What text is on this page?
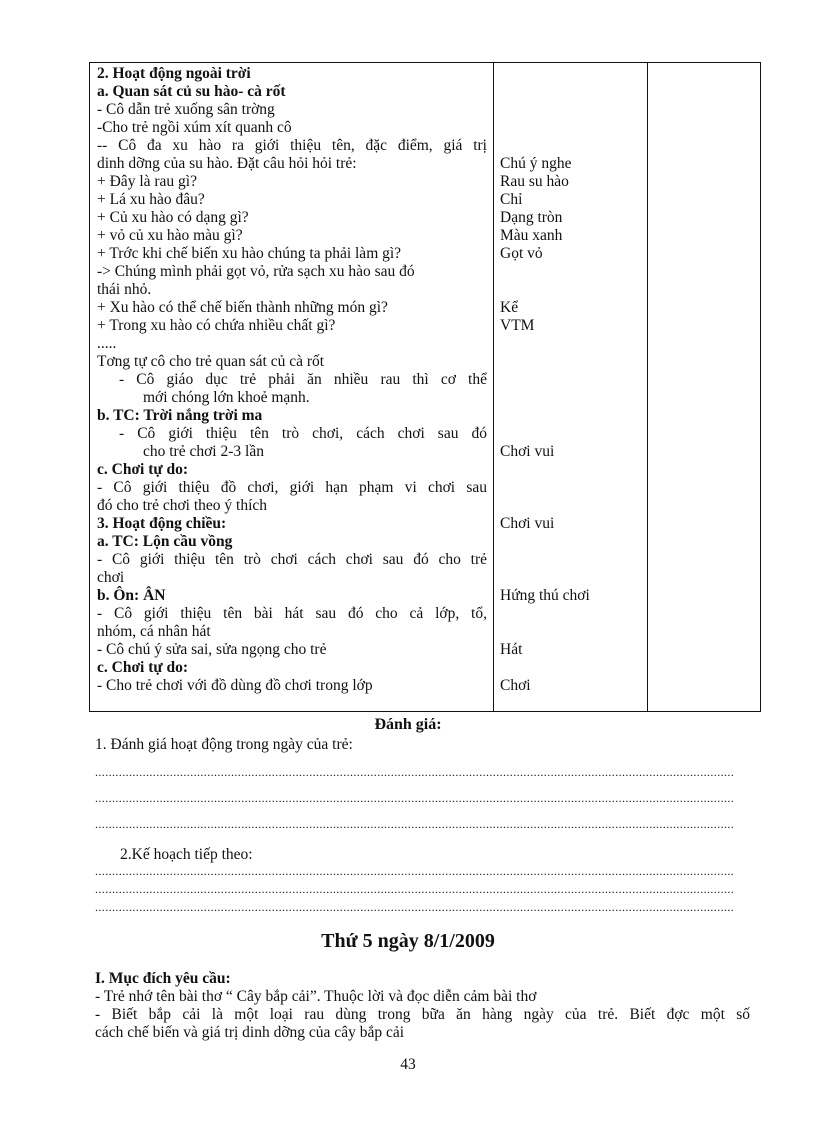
2. Hoạt động ngoài trời
a. Quan sát củ su hào- cà rốt
- Cô dẫn trẻ xuống sân trờng
-Cho trẻ ngồi xúm xít quanh cô
-- Cô đa xu hào ra giới thiệu tên, đặc điểm, giá trị
dinh dỡng của su hào. Đặt câu hỏi hỏi trẻ:
+ Đây là rau gì?
+ Lá xu hào đâu?
+ Củ xu hào có dạng gì?
+ vỏ củ xu hào màu gì?
+ Trớc khi chế biến xu hào chúng ta phải làm gì?
-> Chúng mình phải gọt vỏ, rửa sạch xu hào sau đó
thái nhỏ.
+ Xu hào có thể chế biến thành những món gì?
+ Trong xu hào có chứa nhiều chất gì?
.....
Tơng tự cô cho trẻ quan sát củ cà rốt
- Cô giáo dục trẻ phải ăn nhiều rau thì cơ thể
mới chóng lớn khoẻ mạnh.
b. TC: Trời nắng trời ma
- Cô giới thiệu tên trò chơi, cách chơi sau đó
cho trẻ chơi 2-3 lần
c. Chơi tự do:
- Cô giới thiệu đồ chơi, giới hạn phạm vi chơi sau
đó cho trẻ chơi theo ý thích
3. Hoạt động chiều:
a. TC: Lộn cầu vồng
- Cô giới thiệu tên trò chơi cách chơi sau đó cho trẻ
chơi
b. Ôn: ÂN
- Cô giới thiệu tên bài hát sau đó cho cả lớp, tổ,
nhóm, cá nhân hát
- Cô chú ý sửa sai, sửa ngọng cho trẻ
c. Chơi tự do:
- Cho trẻ chơi với đồ dùng đồ chơi trong lớp
Chú ý nghe
Rau su hào
Chỉ
Dạng tròn
Màu xanh
Gọt vỏ
Kể
VTM
Chơi vui
Chơi vui
Hứng thú chơi
Hát
Chơi
Đánh giá:
1. Đánh giá hoạt động trong ngày của trẻ:
............................................................................................................................................................................................
............................................................................................................................................................................................
............................................................................................................................................................................................
2.Kế hoạch tiếp theo:
............................................................................................................................................................................................
............................................................................................................................................................................................
............................................................................................................................................................................................
Thứ 5 ngày 8/1/2009
I. Mục đích yêu cầu:
- Trẻ nhớ tên bài thơ “ Cây bắp cải”. Thuộc lời và đọc diễn cảm bài thơ
- Biết bắp cải là một loại rau dùng trong bữa ăn hàng ngày của trẻ. Biết đợc một số
cách chế biến và giá trị dinh dỡng của cây bắp cải
43
